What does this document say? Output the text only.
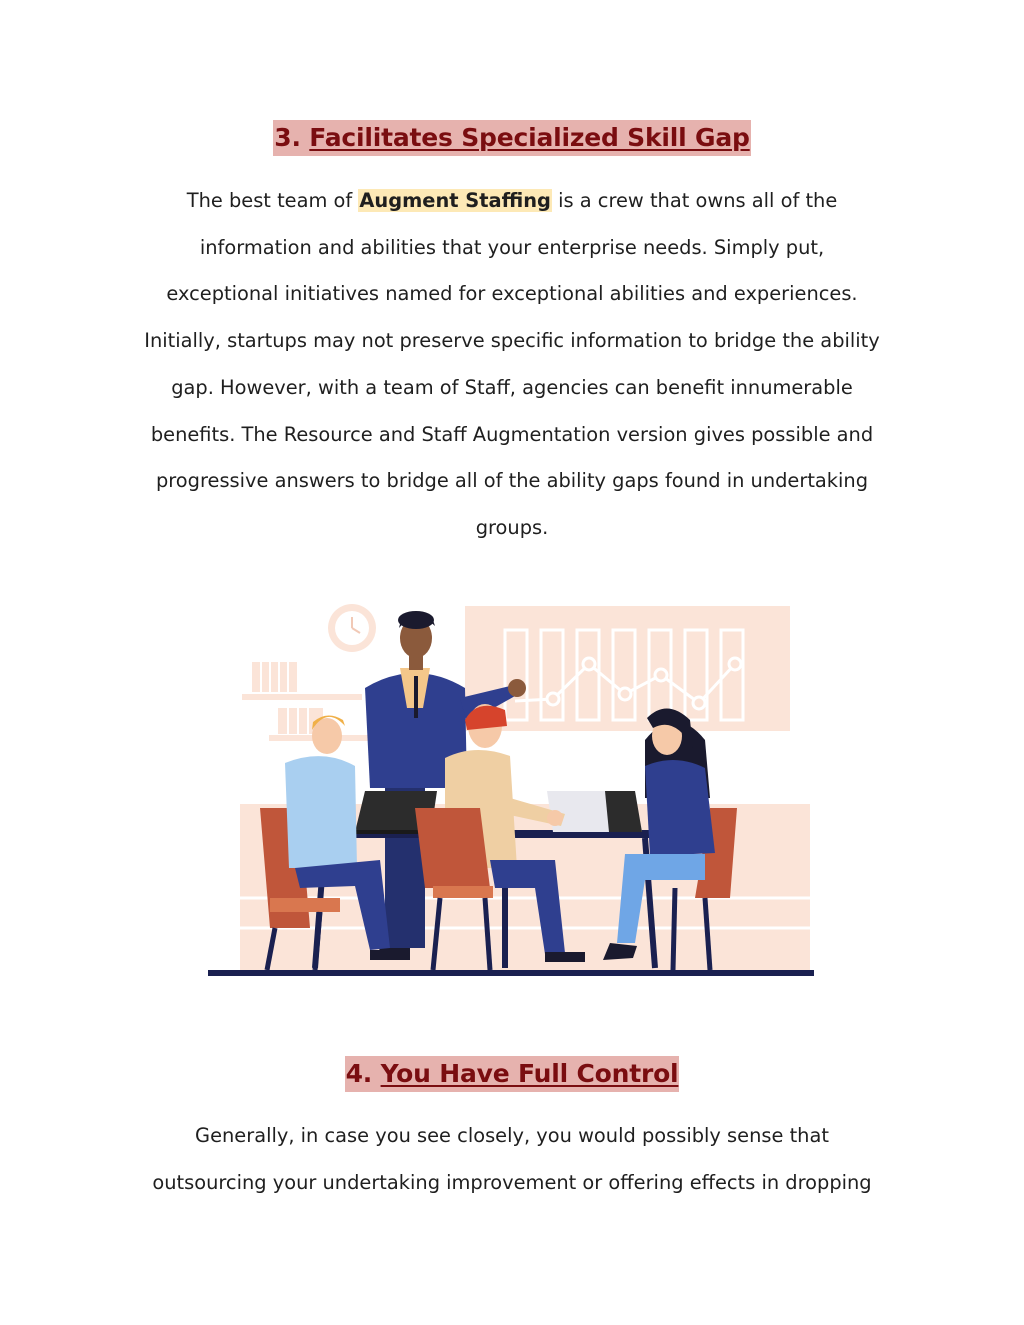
3. Facilitates Specialized Skill Gap
The best team of Augment Staffing is a crew that owns all of the
information and abilities that your enterprise needs. Simply put,
exceptional initiatives named for exceptional abilities and experiences.
Initially, startups may not preserve specific information to bridge the ability
gap. However, with a team of Staff, agencies can benefit innumerable
benefits. The Resource and Staff Augmentation version gives possible and
progressive answers to bridge all of the ability gaps found in undertaking
groups.
4. You Have Full Control
Generally, in case you see closely, you would possibly sense that
outsourcing your undertaking improvement or offering effects in dropping
